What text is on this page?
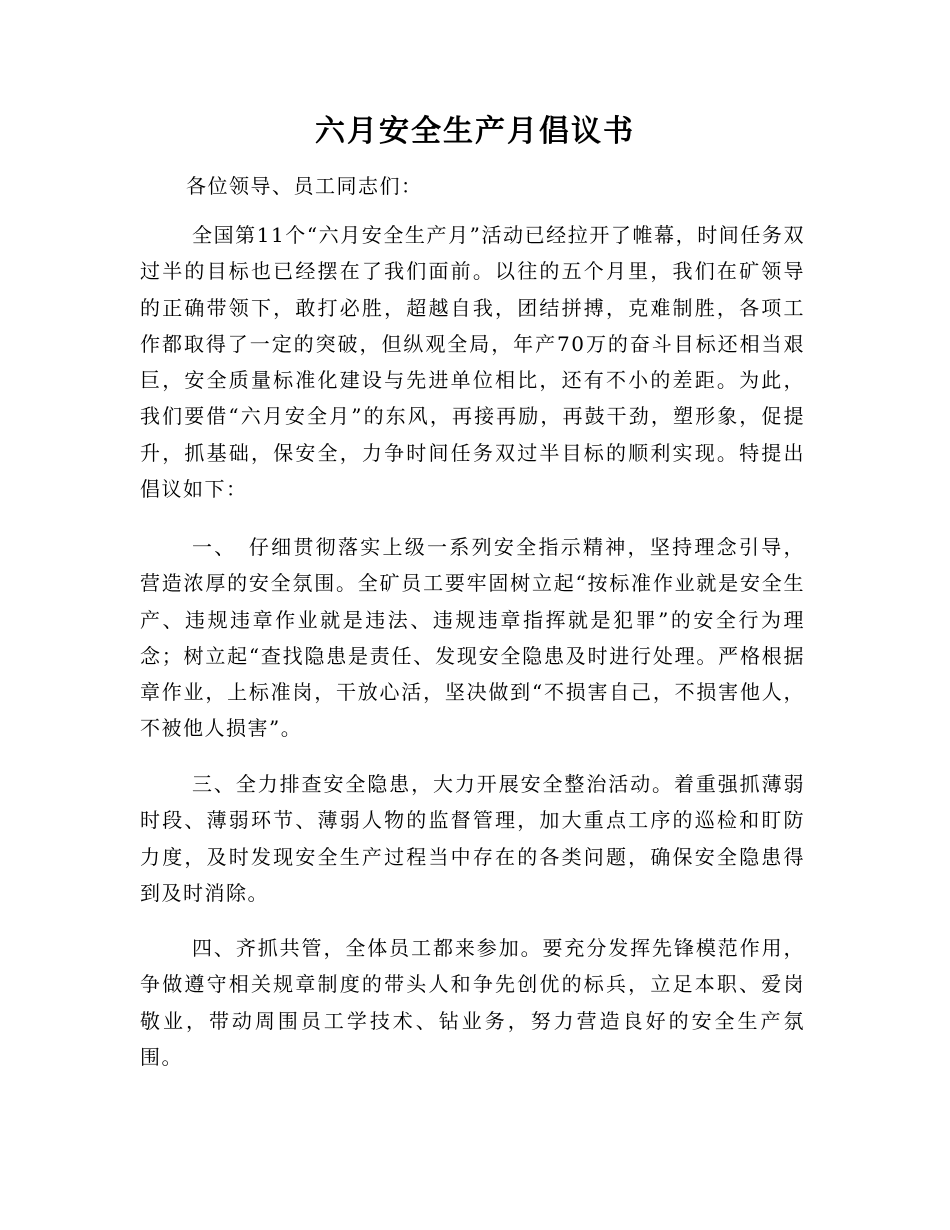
六月安全生产月倡议书
各位领导、员工同志们：

全国第11个“六月安全生产月”活动已经拉开了帷幕，时间任务双过半的目标也已经摆在了我们面前。以往的五个月里，我们在矿领导的正确带领下，敢打必胜，超越自我，团结拼搏，克难制胜，各项工作都取得了一定的突破，但纵观全局，年产70万的奋斗目标还相当艰巨，安全质量标准化建设与先进单位相比，还有不小的差距。为此，我们要借“六月安全月”的东风，再接再励，再鼓干劲，塑形象，促提升，抓基础，保安全，力争时间任务双过半目标的顺利实现。特提出倡议如下：

一、　仔细贯彻落实上级一系列安全指示精神，坚持理念引导，营造浓厚的安全氛围。全矿员工要牢固树立起“按标准作业就是安全生产、违规违章作业就是违法、违规违章指挥就是犯罪”的安全行为理念；树立起“查找隐患是责任、发现安全隐患及时进行处理。严格根据章作业，上标准岗，干放心活，坚决做到“不损害自己，不损害他人，不被他人损害”。

三、全力排查安全隐患，大力开展安全整治活动。着重强抓薄弱时段、薄弱环节、薄弱人物的监督管理，加大重点工序的巡检和盯防力度，及时发现安全生产过程当中存在的各类问题，确保安全隐患得到及时消除。

四、齐抓共管，全体员工都来参加。要充分发挥先锋模范作用，争做遵守相关规章制度的带头人和争先创优的标兵，立足本职、爱岗敬业，带动周围员工学技术、钻业务，努力营造良好的安全生产氛围。
